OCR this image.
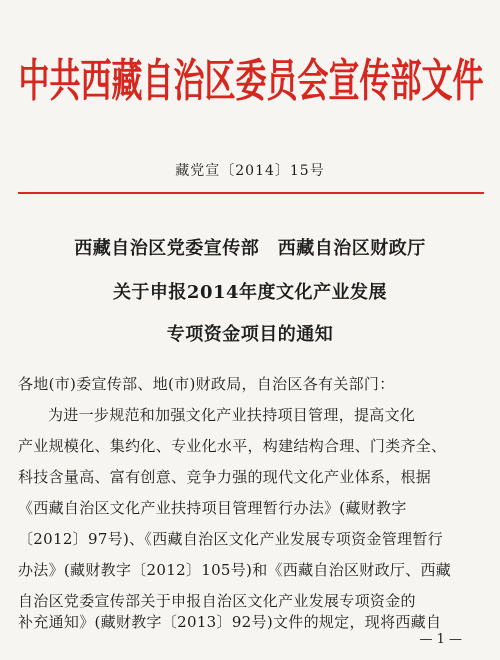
中共西藏自治区委员会宣传部文件
藏党宣〔2014〕15号
西藏自治区党委宣传部　西藏自治区财政厅
关于申报2014年度文化产业发展
专项资金项目的通知
各地(市)委宣传部、地(市)财政局，自治区各有关部门：
为进一步规范和加强文化产业扶持项目管理，提高文化
产业规模化、集约化、专业化水平，构建结构合理、门类齐全、
科技含量高、富有创意、竞争力强的现代文化产业体系，根据
《西藏自治区文化产业扶持项目管理暂行办法》(藏财教字
〔2012〕97号)、《西藏自治区文化产业发展专项资金管理暂行
办法》(藏财教字〔2012〕105号)和《西藏自治区财政厅、西藏
自治区党委宣传部关于申报自治区文化产业发展专项资金的
补充通知》(藏财教字〔2013〕92号)文件的规定，现将西藏自
— 1 —
